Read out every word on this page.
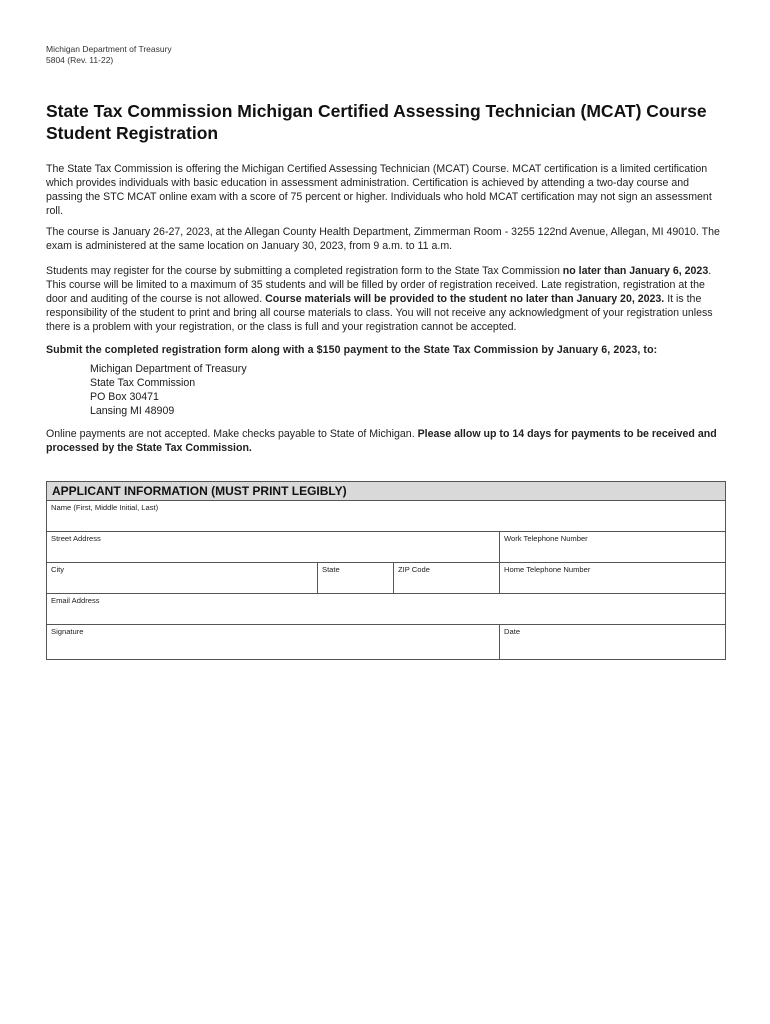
Michigan Department of Treasury
5804 (Rev. 11-22)
State Tax Commission Michigan Certified Assessing Technician (MCAT) Course Student Registration

The State Tax Commission is offering the Michigan Certified Assessing Technician (MCAT) Course. MCAT certification is a limited certification which provides individuals with basic education in assessment administration. Certification is achieved by attending a two-day course and passing the STC MCAT online exam with a score of 75 percent or higher. Individuals who hold MCAT certification may not sign an assessment roll.

The course is January 26-27, 2023, at the Allegan County Health Department, Zimmerman Room - 3255 122nd Avenue, Allegan, MI 49010. The exam is administered at the same location on January 30, 2023, from 9 a.m. to 11 a.m.

Students may register for the course by submitting a completed registration form to the State Tax Commission no later than January 6, 2023. This course will be limited to a maximum of 35 students and will be filled by order of registration received. Late registration, registration at the door and auditing of the course is not allowed. Course materials will be provided to the student no later than January 20, 2023. It is the responsibility of the student to print and bring all course materials to class. You will not receive any acknowledgment of your registration unless there is a problem with your registration, or the class is full and your registration cannot be accepted.

Submit the completed registration form along with a $150 payment to the State Tax Commission by January 6, 2023, to:

Michigan Department of Treasury
State Tax Commission
PO Box 30471
Lansing MI 48909

Online payments are not accepted. Make checks payable to State of Michigan. Please allow up to 14 days for payments to be received and processed by the State Tax Commission.

APPLICANT INFORMATION (MUST PRINT LEGIBLY)
Name (First, Middle Initial, Last)
Street Address	Work Telephone Number
City	State	ZIP Code	Home Telephone Number
Email Address
Signature	Date
